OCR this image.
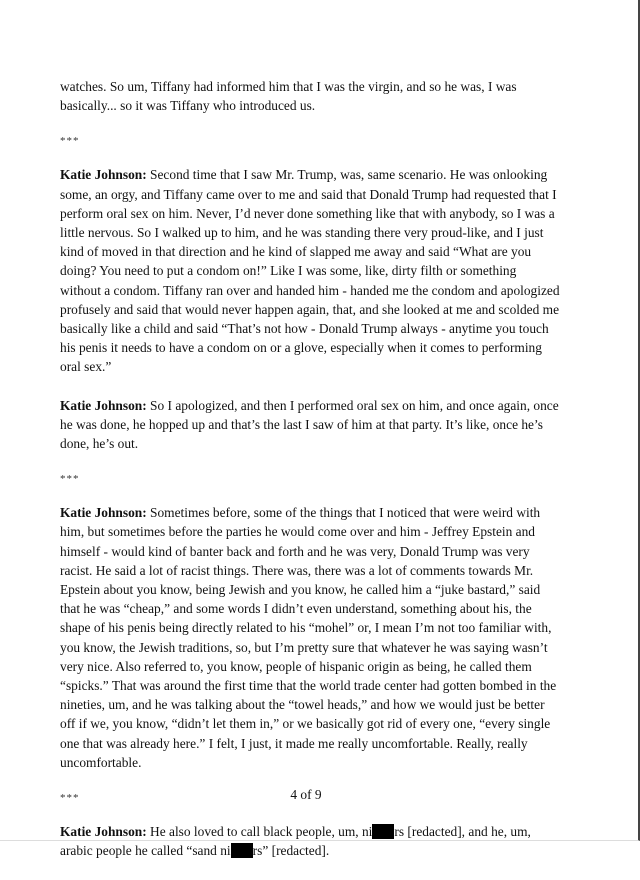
watches. So um, Tiffany had informed him that I was the virgin, and so he was, I was basically... so it was Tiffany who introduced us.

***

Katie Johnson: Second time that I saw Mr. Trump, was, same scenario. He was onlooking some, an orgy, and Tiffany came over to me and said that Donald Trump had requested that I perform oral sex on him. Never, I’d never done something like that with anybody, so I was a little nervous. So I walked up to him, and he was standing there very proud-like, and I just kind of moved in that direction and he kind of slapped me away and said “What are you doing? You need to put a condom on!” Like I was some, like, dirty filth or something without a condom. Tiffany ran over and handed him - handed me the condom and apologized profusely and said that would never happen again, that, and she looked at me and scolded me basically like a child and said “That’s not how - Donald Trump always - anytime you touch his penis it needs to have a condom on or a glove, especially when it comes to performing oral sex.”

Katie Johnson: So I apologized, and then I performed oral sex on him, and once again, once he was done, he hopped up and that’s the last I saw of him at that party. It’s like, once he’s done, he’s out.

***

Katie Johnson: Sometimes before, some of the things that I noticed that were weird with him, but sometimes before the parties he would come over and him - Jeffrey Epstein and himself - would kind of banter back and forth and he was very, Donald Trump was very racist. He said a lot of racist things. There was, there was a lot of comments towards Mr. Epstein about you know, being Jewish and you know, he called him a “juke bastard,” said that he was “cheap,” and some words I didn’t even understand, something about his, the shape of his penis being directly related to his “mohel” or, I mean I’m not too familiar with, you know, the Jewish traditions, so, but I’m pretty sure that whatever he was saying wasn’t very nice. Also referred to, you know, people of hispanic origin as being, he called them “spicks.” That was around the first time that the world trade center had gotten bombed in the nineties, um, and he was talking about the “towel heads,” and how we would just be better off if we, you know, “didn’t let them in,” or we basically got rid of every one, “every single one that was already here.” I felt, I just, it made me really uncomfortable. Really, really uncomfortable.

***

Katie Johnson: He also loved to call black people, um, ni rs [redacted], and he, um, arabic people he called “sand ni rs” [redacted].

4 of 9
